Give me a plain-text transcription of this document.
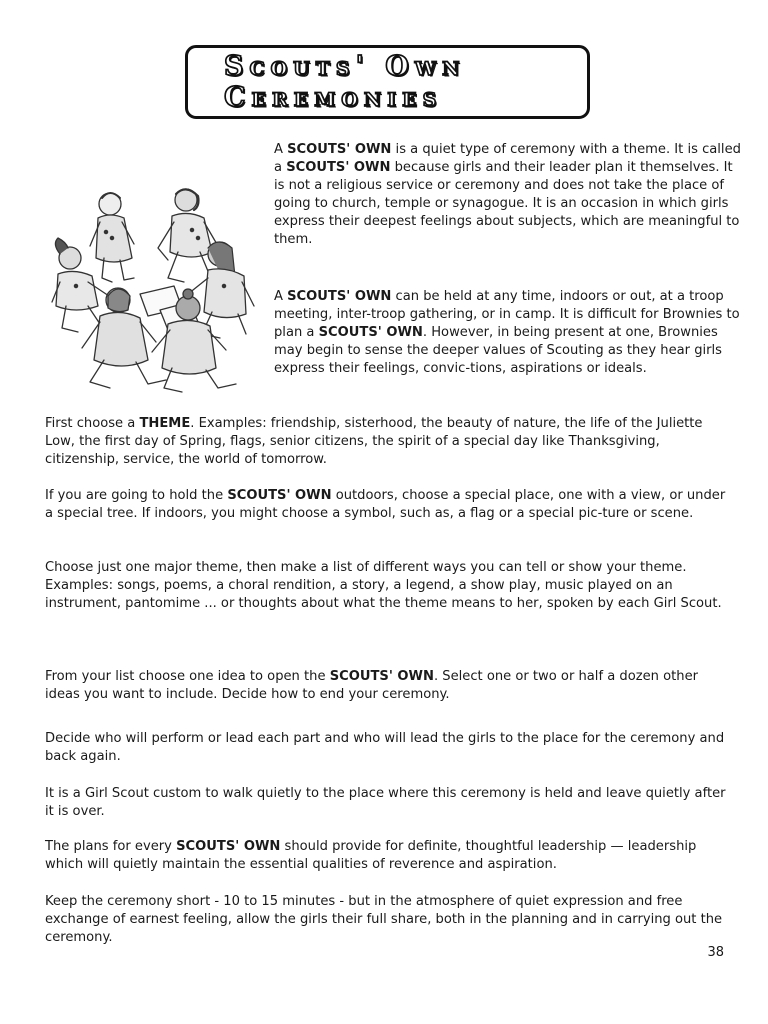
Scouts' Own
Ceremonies

A SCOUTS' OWN is a quiet type of ceremony with a theme. It is called a SCOUTS' OWN because girls and their leader plan it themselves. It is not a religious service or ceremony and does not take the place of going to church, temple or synagogue. It is an occasion in which girls express their deepest feelings about subjects, which are meaningful to them.

A SCOUTS' OWN can be held at any time, indoors or out, at a troop meeting, inter-troop gathering, or in camp. It is difficult for Brownies to plan a SCOUTS' OWN. However, in being present at one, Brownies may begin to sense the deeper values of Scouting as they hear girls express their feelings, convic-tions, aspirations or ideals.

First choose a THEME. Examples: friendship, sisterhood, the beauty of nature, the life of the Juliette Low, the first day of Spring, flags, senior citizens, the spirit of a special day like Thanksgiving, citizenship, service, the world of tomorrow.

If you are going to hold the SCOUTS' OWN outdoors, choose a special place, one with a view, or under a special tree. If indoors, you might choose a symbol, such as, a flag or a special pic-ture or scene.

Choose just one major theme, then make a list of different ways you can tell or show your theme. Examples: songs, poems, a choral rendition, a story, a legend, a show play, music played on an instrument, pantomime ... or thoughts about what the theme means to her, spoken by each Girl Scout.

From your list choose one idea to open the SCOUTS' OWN. Select one or two or half a dozen other ideas you want to include. Decide how to end your ceremony.

Decide who will perform or lead each part and who will lead the girls to the place for the ceremony and back again.

It is a Girl Scout custom to walk quietly to the place where this ceremony is held and leave quietly after it is over.

The plans for every SCOUTS' OWN should provide for definite, thoughtful leadership — leadership which will quietly maintain the essential qualities of reverence and aspiration.

Keep the ceremony short - 10 to 15 minutes - but in the atmosphere of quiet expression and free exchange of earnest feeling, allow the girls their full share, both in the planning and in carrying out the ceremony.

38
